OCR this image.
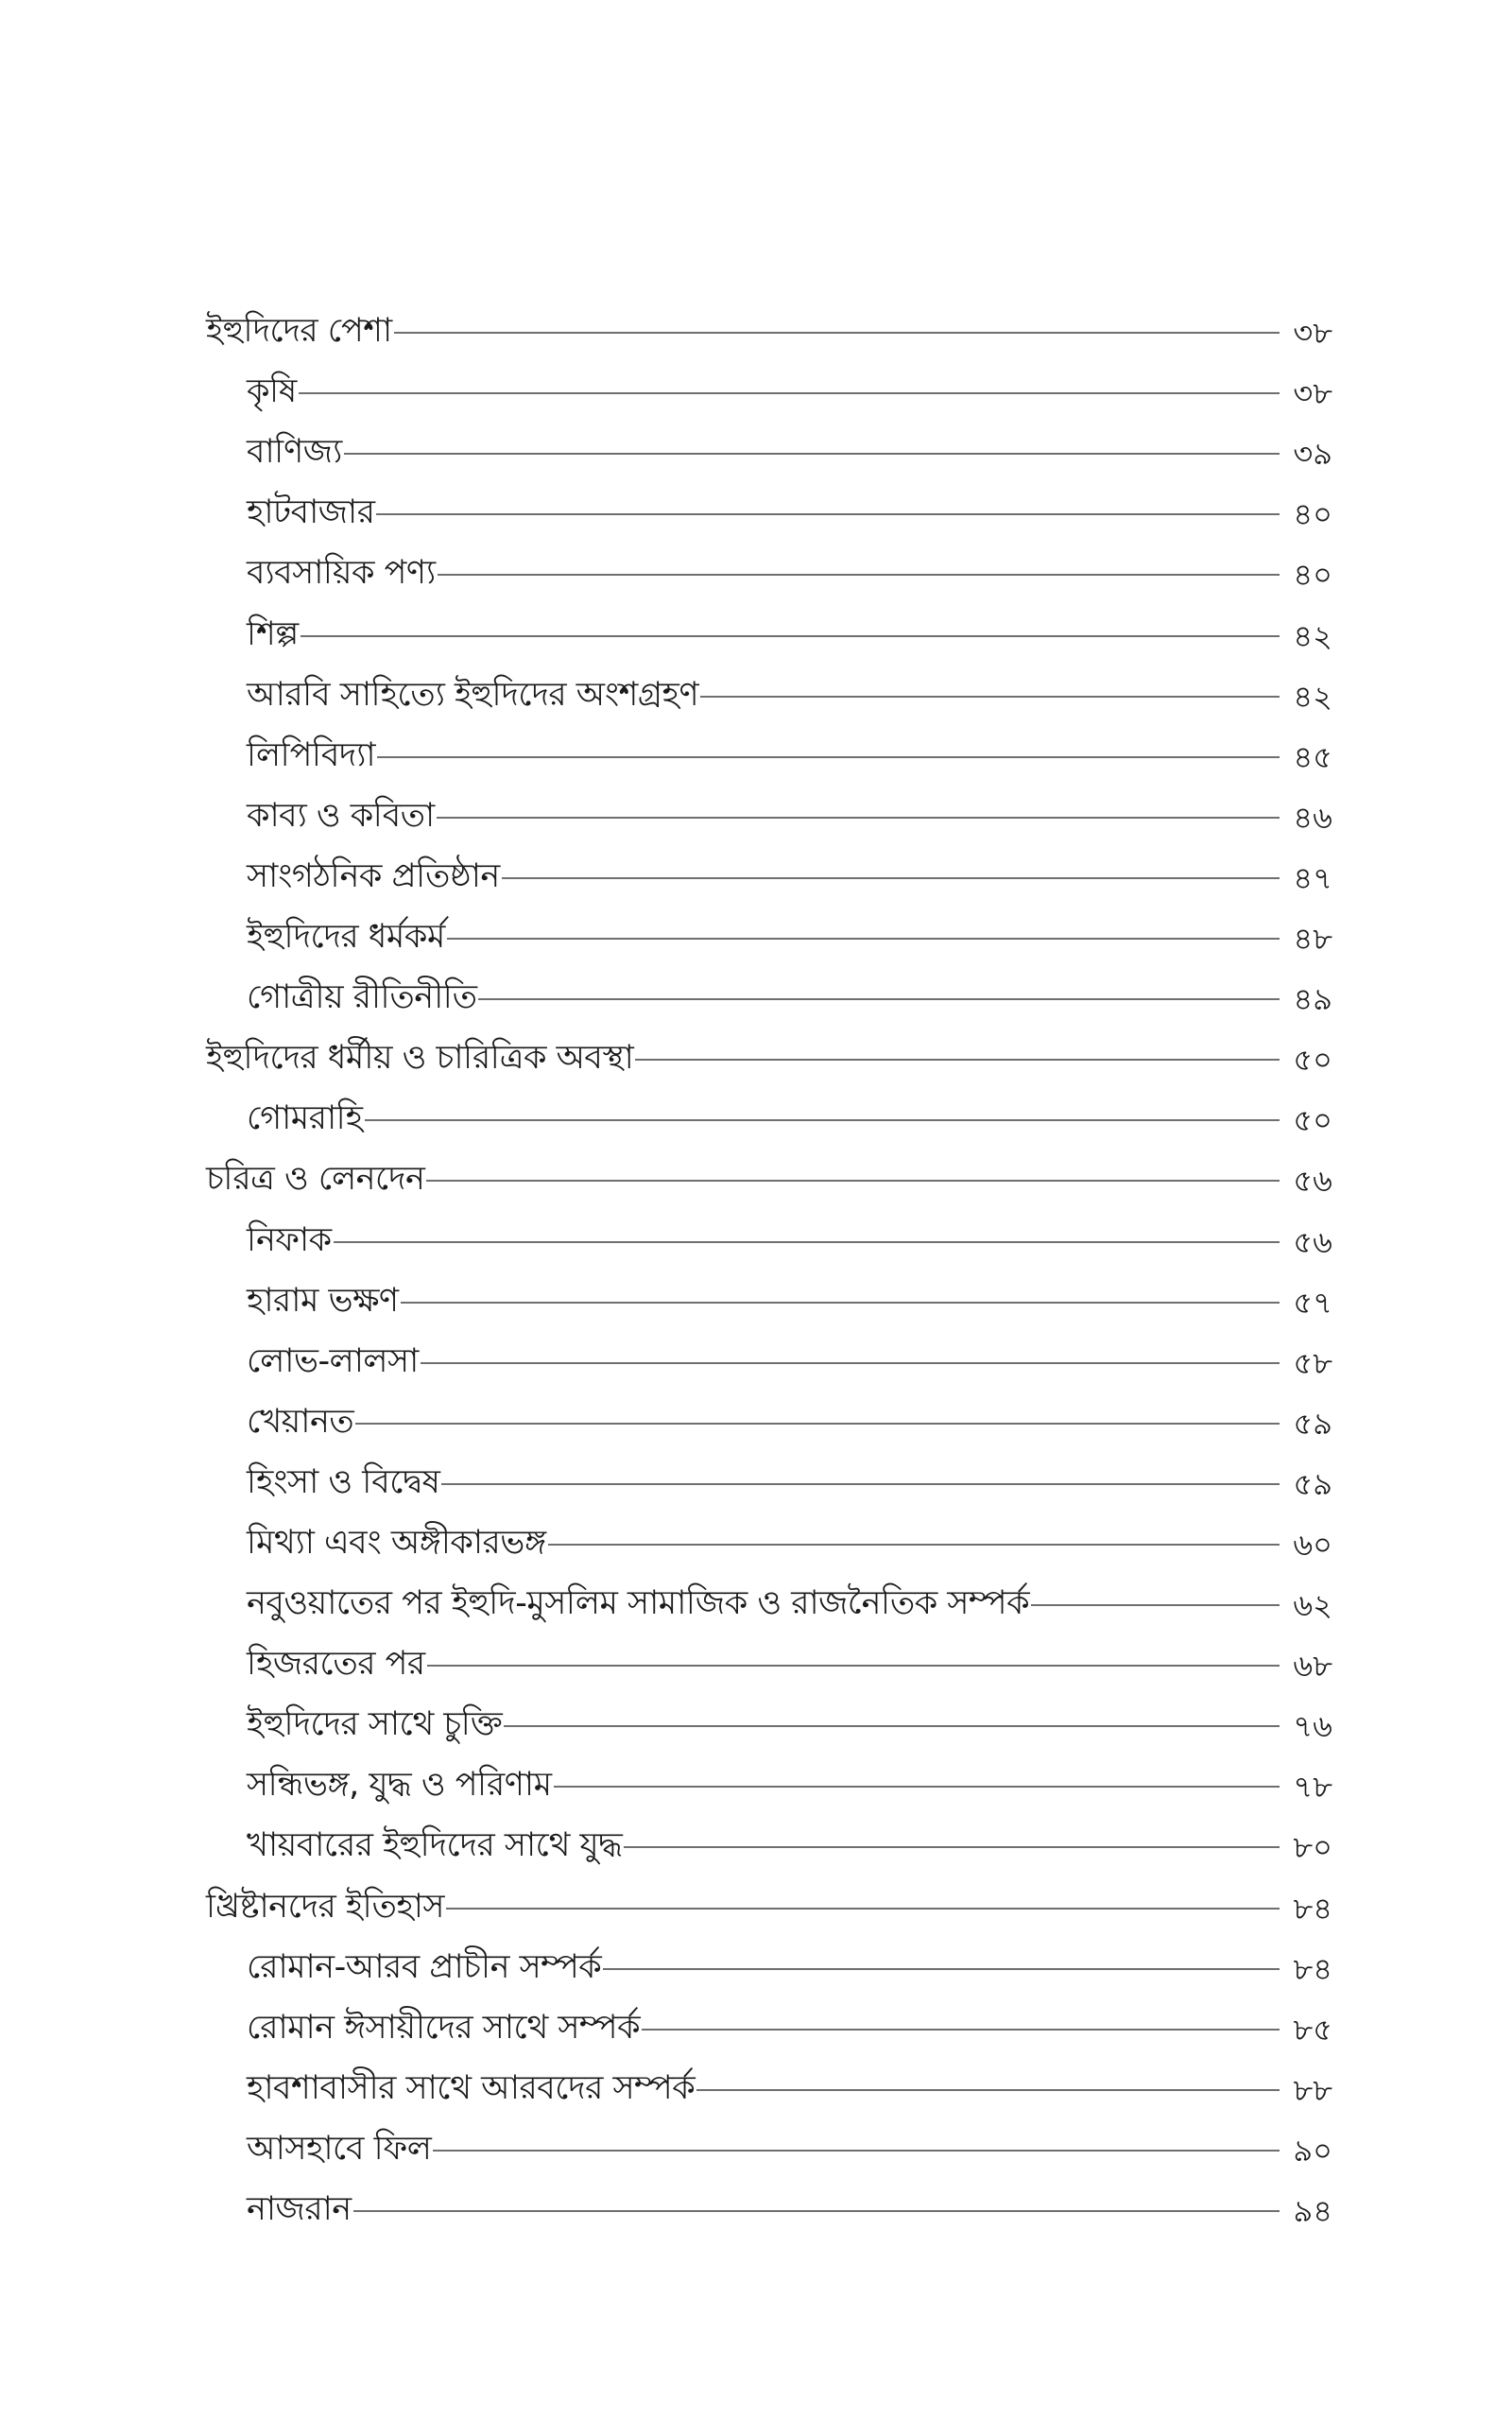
ইহুদিদের পেশা	৩৮
কৃষি	৩৮
বাণিজ্য	৩৯
হাটবাজার	৪০
ব্যবসায়িক পণ্য	৪০
শিল্প	৪২
আরবি সাহিত্যে ইহুদিদের অংশগ্রহণ	৪২
লিপিবিদ্যা	৪৫
কাব্য ও কবিতা	৪৬
সাংগঠনিক প্রতিষ্ঠান	৪৭
ইহুদিদের ধর্মকর্ম	৪৮
গোত্রীয় রীতিনীতি	৪৯
ইহুদিদের ধর্মীয় ও চারিত্রিক অবস্থা	৫০
গোমরাহি	৫০
চরিত্র ও লেনদেন	৫৬
নিফাক	৫৬
হারাম ভক্ষণ	৫৭
লোভ-লালসা	৫৮
খেয়ানত	৫৯
হিংসা ও বিদ্বেষ	৫৯
মিথ্যা এবং অঙ্গীকারভঙ্গ	৬০
নবুওয়াতের পর ইহুদি-মুসলিম সামাজিক ও রাজনৈতিক সম্পর্ক	৬২
হিজরতের পর	৬৮
ইহুদিদের সাথে চুক্তি	৭৬
সন্ধিভঙ্গ, যুদ্ধ ও পরিণাম	৭৮
খায়বারের ইহুদিদের সাথে যুদ্ধ	৮০
খ্রিষ্টানদের ইতিহাস	৮৪
রোমান-আরব প্রাচীন সম্পর্ক	৮৪
রোমান ঈসায়ীদের সাথে সম্পর্ক	৮৫
হাবশাবাসীর সাথে আরবদের সম্পর্ক	৮৮
আসহাবে ফিল	৯০
নাজরান	৯৪
